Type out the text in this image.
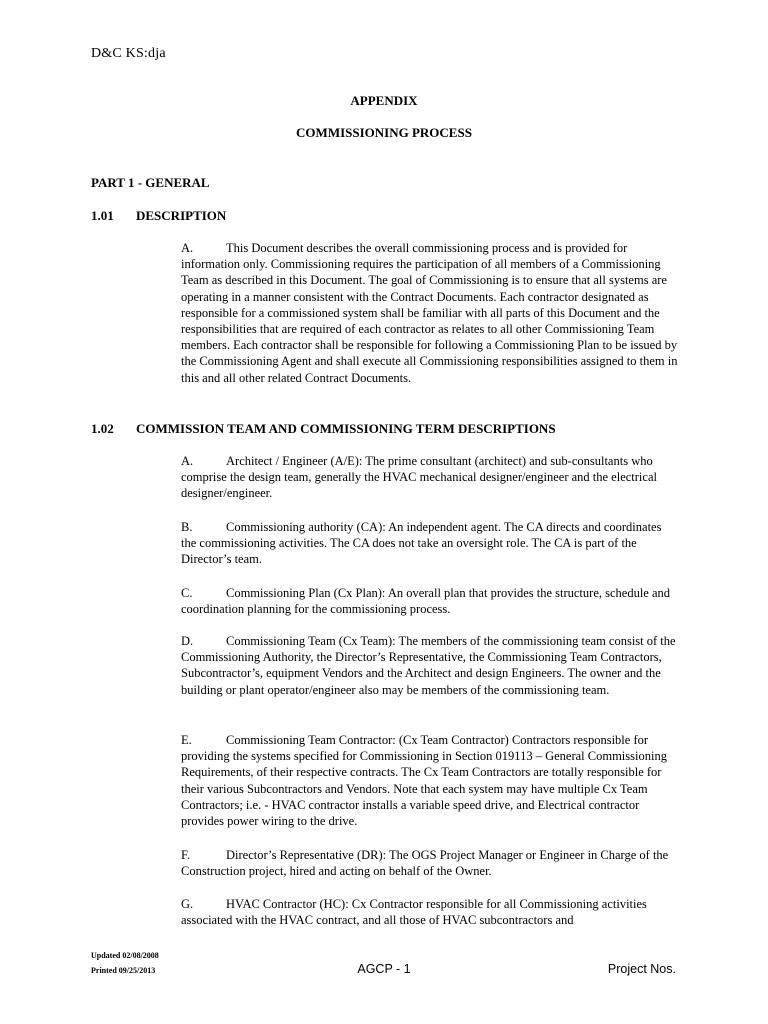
D&C KS:dja
APPENDIX
COMMISSIONING PROCESS
PART 1 - GENERAL
1.01 DESCRIPTION
A.	This Document describes the overall commissioning process and is provided for information only. Commissioning requires the participation of all members of a Commissioning Team as described in this Document. The goal of Commissioning is to ensure that all systems are operating in a manner consistent with the Contract Documents. Each contractor designated as responsible for a commissioned system shall be familiar with all parts of this Document and the responsibilities that are required of each contractor as relates to all other Commissioning Team members. Each contractor shall be responsible for following a Commissioning Plan to be issued by the Commissioning Agent and shall execute all Commissioning responsibilities assigned to them in this and all other related Contract Documents.
1.02 COMMISSION TEAM AND COMMISSIONING TERM DESCRIPTIONS
A.	Architect / Engineer (A/E): The prime consultant (architect) and sub-consultants who comprise the design team, generally the HVAC mechanical designer/engineer and the electrical designer/engineer.
B.	Commissioning authority (CA): An independent agent. The CA directs and coordinates the commissioning activities. The CA does not take an oversight role. The CA is part of the Director’s team.
C.	Commissioning Plan (Cx Plan): An overall plan that provides the structure, schedule and coordination planning for the commissioning process.
D.	Commissioning Team (Cx Team): The members of the commissioning team consist of the Commissioning Authority, the Director’s Representative, the Commissioning Team Contractors, Subcontractor’s, equipment Vendors and the Architect and design Engineers. The owner and the building or plant operator/engineer also may be members of the commissioning team.
E.	Commissioning Team Contractor: (Cx Team Contractor) Contractors responsible for providing the systems specified for Commissioning in Section 019113 – General Commissioning Requirements, of their respective contracts. The Cx Team Contractors are totally responsible for their various Subcontractors and Vendors. Note that each system may have multiple Cx Team Contractors; i.e. - HVAC contractor installs a variable speed drive, and Electrical contractor provides power wiring to the drive.
F.	Director’s Representative (DR): The OGS Project Manager or Engineer in Charge of the Construction project, hired and acting on behalf of the Owner.
G.	HVAC Contractor (HC): Cx Contractor responsible for all Commissioning activities associated with the HVAC contract, and all those of HVAC subcontractors and
Updated 02/08/2008
Printed 09/25/2013	AGCP - 1	Project Nos.
